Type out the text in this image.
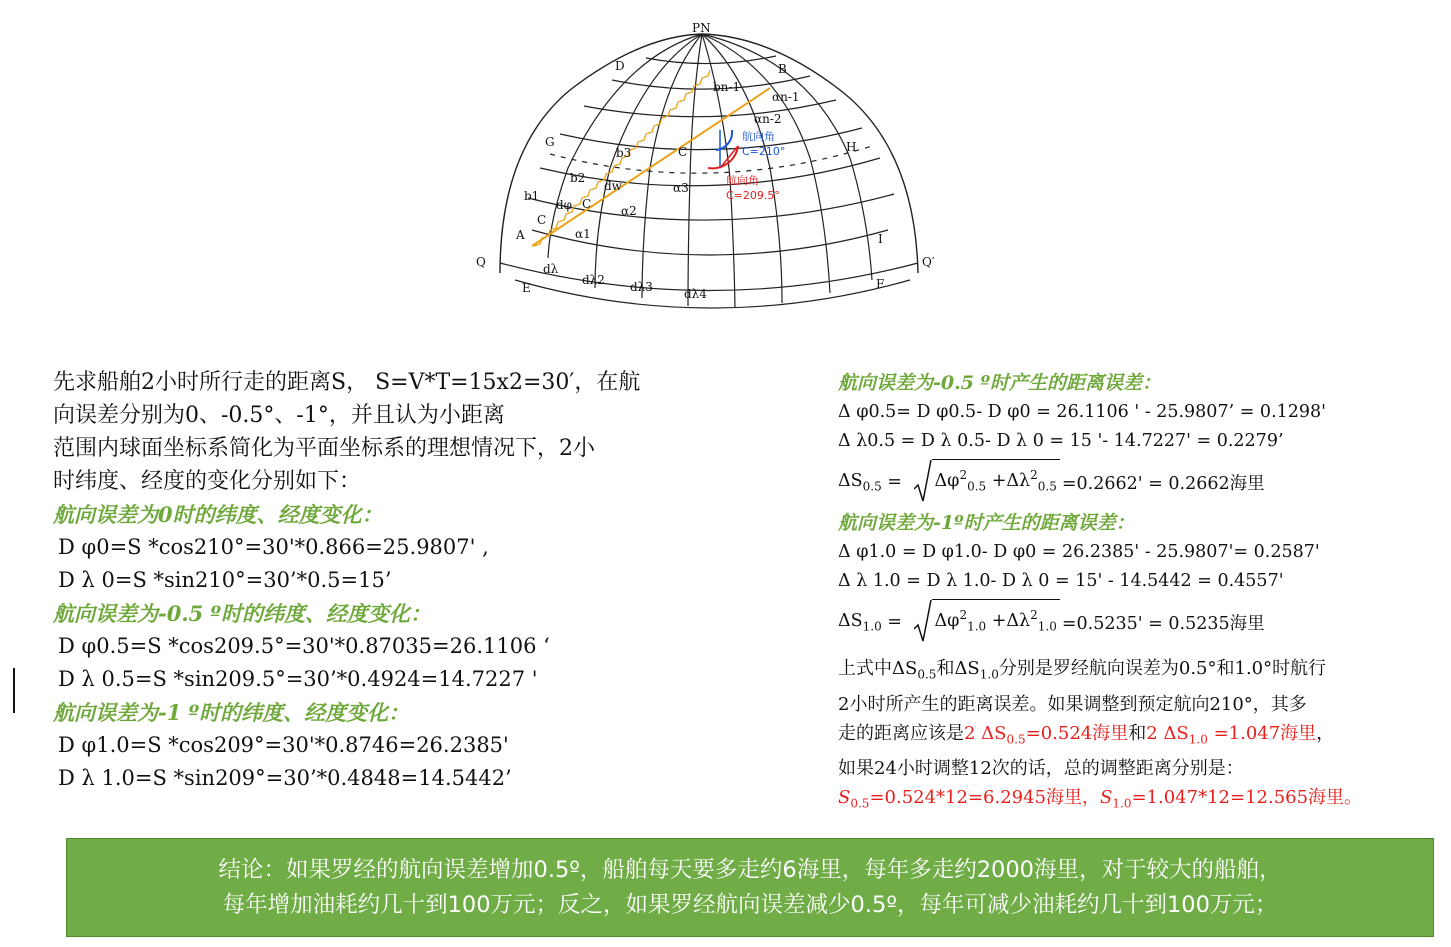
PN
D	B
bn-1
αn-1
αn-2
G	H
C
b3
b2
dw	α3
b1
dφ C α2
C
α1
A	I
Q	Q′
dλ
dλ2 dλ3	dλ4
E	F
航向角
C=210°
航向角
C=209.5°
先求船舶2小时所行走的距离S， S=V*T=15x2=30′，在航
向误差分别为0、-0.5°、-1°，并且认为小距离
范围内球面坐标系简化为平面坐标系的理想情况下，2小
时纬度、经度的变化分别如下：
航向误差为0时的纬度、经度变化：
D φ0=S *cos210°=30'*0.866=25.9807' ,
D λ 0=S *sin210°=30’*0.5=15’
航向误差为-0.5 º时的纬度、经度变化：
D φ0.5=S *cos209.5°=30'*0.87035=26.1106 ‘
D λ 0.5=S *sin209.5°=30’*0.4924=14.7227 '
航向误差为-1 º时的纬度、经度变化：
D φ1.0=S *cos209°=30'*0.8746=26.2385'
D λ 1.0=S *sin209°=30’*0.4848=14.5442’
航向误差为-0.5 º时产生的距离误差：
Δ φ0.5= D φ0.5- D φ0 = 26.1106 ' - 25.9807’ = 0.1298'
Δ λ0.5 = D λ 0.5- D λ 0 = 15 '- 14.7227' = 0.2279’
$\Delta S_{0.5} = \Delta\varphi^2_{0.5} +\Delta\lambda^2_{0.5} =0.2662' = 0.2662$海里
航向误差为-1º时产生的距离误差：
Δ φ1.0 = D φ1.0- D φ0 = 26.2385' - 25.9807'= 0.2587'
Δ λ 1.0 = D λ 1.0- D λ 0 = 15' - 14.5442 = 0.4557'
$\Delta S_{1.0} = \Delta\varphi^2_{1.0} +\Delta\lambda^2_{1.0} =0.5235' = 0.5235$海里
上式中$\Delta S_{0.5}$和$\Delta S_{1.0}$分别是罗经航向误差为0.5°和1.0°时航行
2小时所产生的距离误差。如果调整到预定航向210°，其多
走的距离应该是2 $\Delta S_{0.5}=0.524$海里和2 $\Delta S_{1.0} =1.047$海里，
如果24小时调整12次的话，总的调整距离分别是：
$S_{0.5}=0.524*12=6.2945$海里，$S_{1.0}=1.047*12=12.565$海里。
结论：如果罗经的航向误差增加0.5º，船舶每天要多走约6海里，每年多走约2000海里，对于较大的船舶，
每年增加油耗约几十到100万元；反之，如果罗经航向误差减少0.5º，每年可减少油耗约几十到100万元；
